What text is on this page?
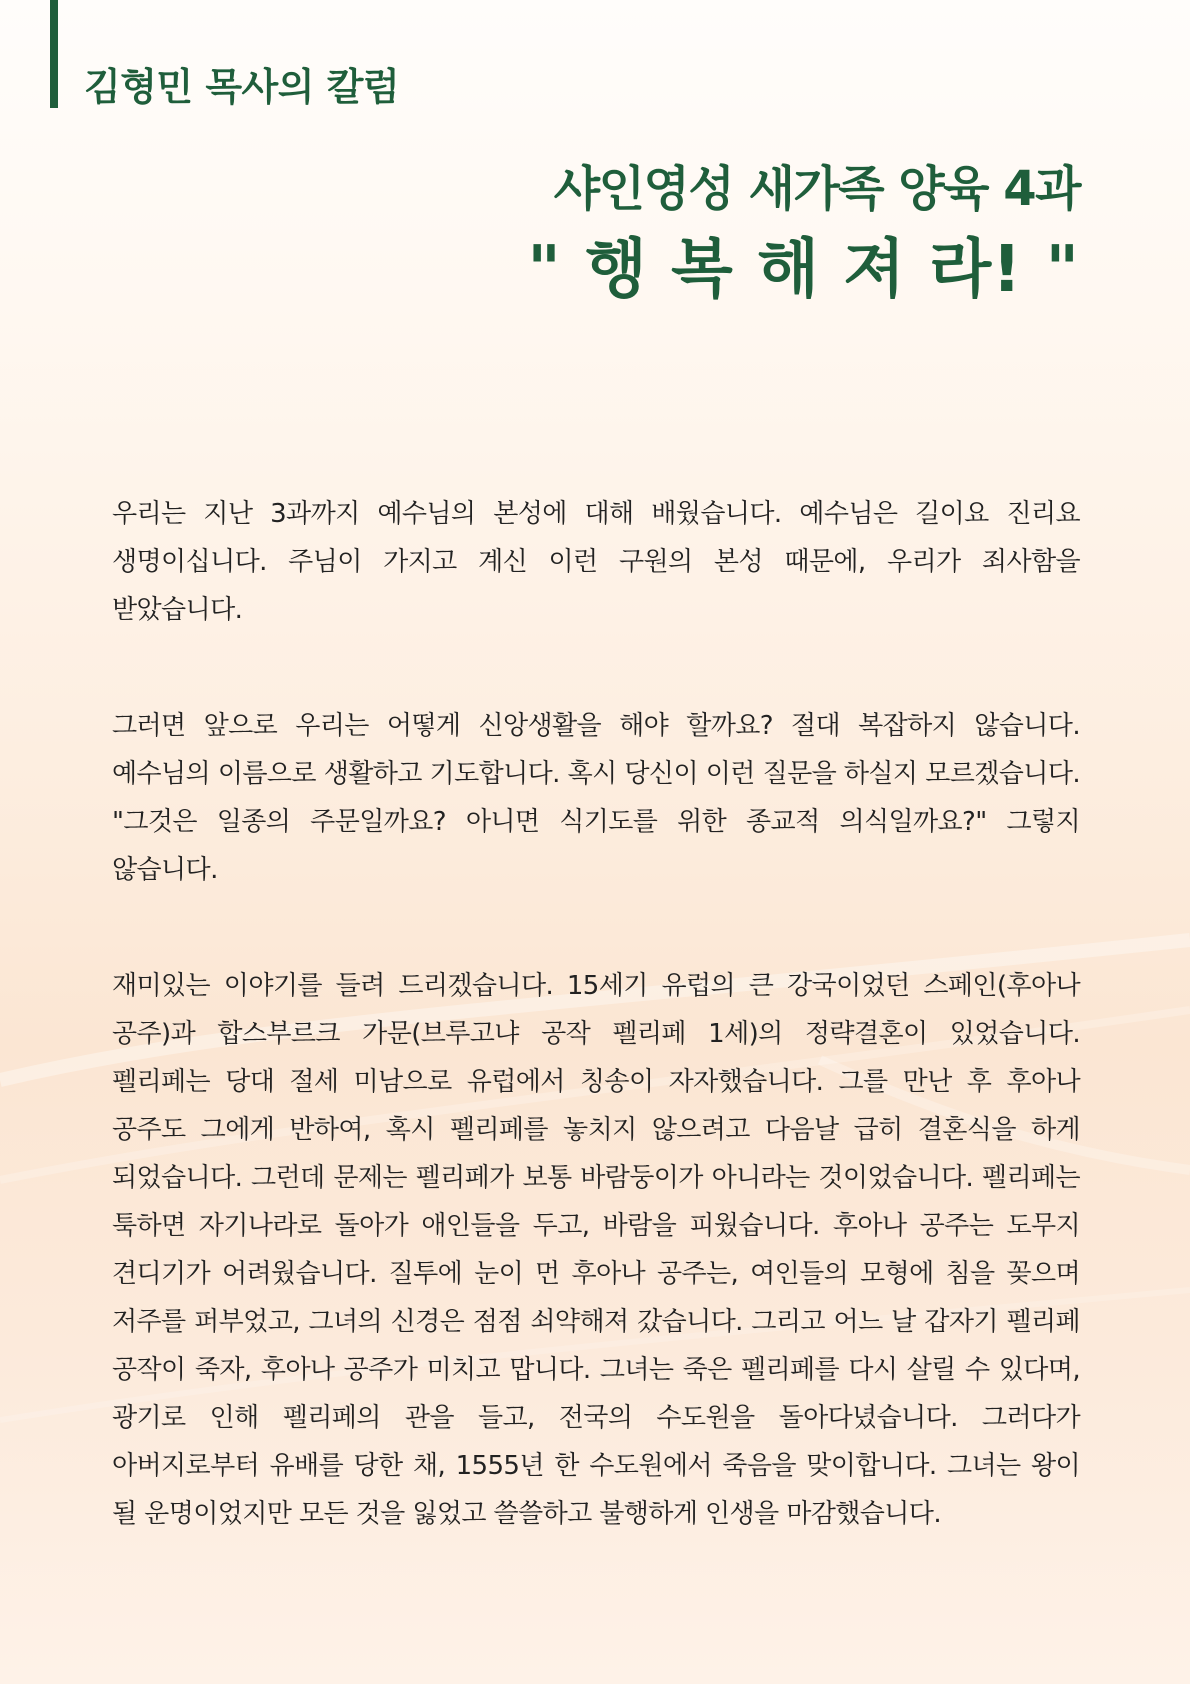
김형민 목사의 칼럼
샤인영성 새가족 양육 4과
" 행 복 해 져 라! "

우리는 지난 3과까지 예수님의 본성에 대해 배웠습니다. 예수님은 길이요 진리요 생명이십니다. 주님이 가지고 계신 이런 구원의 본성 때문에, 우리가 죄사함을 받았습니다.

그러면 앞으로 우리는 어떻게 신앙생활을 해야 할까요? 절대 복잡하지 않습니다. 예수님의 이름으로 생활하고 기도합니다. 혹시 당신이 이런 질문을 하실지 모르겠습니다. "그것은 일종의 주문일까요? 아니면 식기도를 위한 종교적 의식일까요?" 그렇지 않습니다.

재미있는 이야기를 들려 드리겠습니다. 15세기 유럽의 큰 강국이었던 스페인(후아나 공주)과 합스부르크 가문(브루고냐 공작 펠리페 1세)의 정략결혼이 있었습니다. 펠리페는 당대 절세 미남으로 유럽에서 칭송이 자자했습니다. 그를 만난 후 후아나 공주도 그에게 반하여, 혹시 펠리페를 놓치지 않으려고 다음날 급히 결혼식을 하게 되었습니다. 그런데 문제는 펠리페가 보통 바람둥이가 아니라는 것이었습니다. 펠리페는 툭하면 자기나라로 돌아가 애인들을 두고, 바람을 피웠습니다. 후아나 공주는 도무지 견디기가 어려웠습니다. 질투에 눈이 먼 후아나 공주는, 여인들의 모형에 침을 꽂으며 저주를 퍼부었고, 그녀의 신경은 점점 쇠약해져 갔습니다. 그리고 어느 날 갑자기 펠리페 공작이 죽자, 후아나 공주가 미치고 맙니다. 그녀는 죽은 펠리페를 다시 살릴 수 있다며, 광기로 인해 펠리페의 관을 들고, 전국의 수도원을 돌아다녔습니다. 그러다가 아버지로부터 유배를 당한 채, 1555년 한 수도원에서 죽음을 맞이합니다. 그녀는 왕이 될 운명이었지만 모든 것을 잃었고 쓸쓸하고 불행하게 인생을 마감했습니다.
